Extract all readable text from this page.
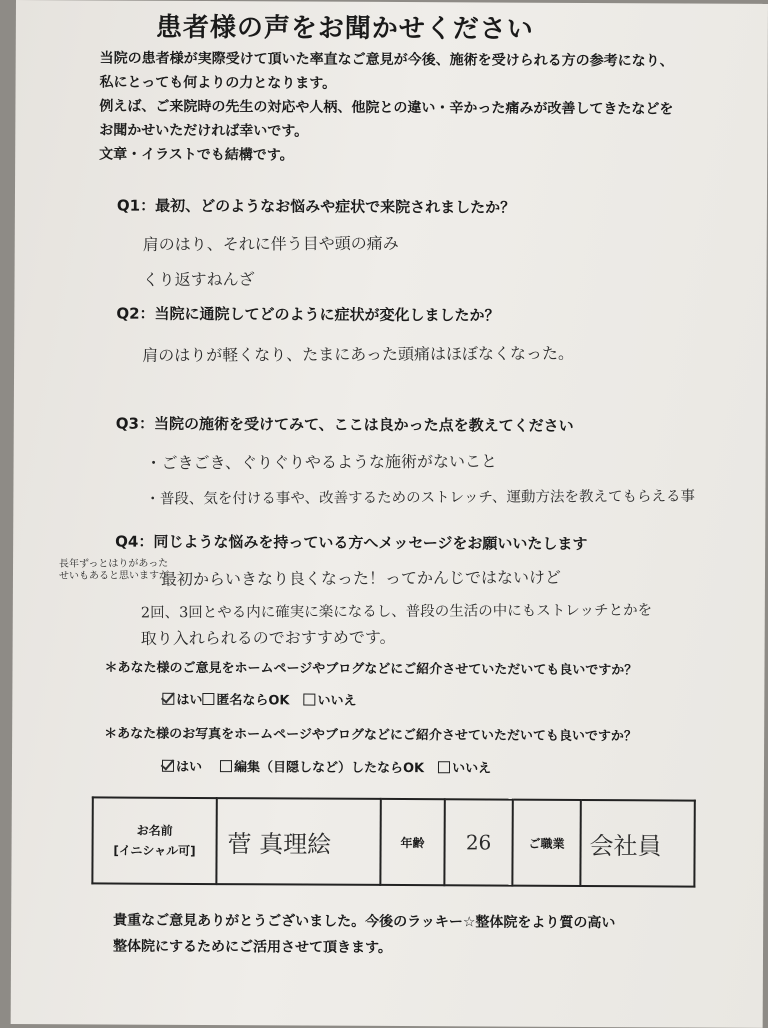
患者様の声をお聞かせください
当院の患者様が実際受けて頂いた率直なご意見が今後、施術を受けられる方の参考になり、
私にとっても何よりの力となります。
例えば、ご来院時の先生の対応や人柄、他院との違い・辛かった痛みが改善してきたなどを
お聞かせいただければ幸いです。
文章・イラストでも結構です。
Q1：最初、どのようなお悩みや症状で来院されましたか？
肩のはり、それに伴う目や頭の痛み
くり返すねんざ
Q2：当院に通院してどのように症状が変化しましたか？
肩のはりが軽くなり、たまにあった頭痛はほぼなくなった。
Q3：当院の施術を受けてみて、ここは良かった点を教えてください
・ごきごき、ぐりぐりやるような施術がないこと
・普段、気を付ける事や、改善するためのストレッチ、運動方法を教えてもらえる事
Q4：同じような悩みを持っている方へメッセージをお願いいたします
長年ずっとはりがあった
せいもあると思いますが
最初からいきなり良くなった！ってかんじではないけど
2回、3回とやる内に確実に楽になるし、普段の生活の中にもストレッチとかを
取り入れられるのでおすすめです。
＊あなた様のご意見をホームページやブログなどにご紹介させていただいても良いですか？
はい 匿名ならOK いいえ
＊あなた様のお写真をホームページやブログなどにご紹介させていただいても良いですか？
はい 編集（目隠しなど）したならOK いいえ
お名前
[イニシャル可]	菅 真理絵	年齢	26	ご職業	会社員
貴重なご意見ありがとうございました。今後のラッキー☆整体院をより質の高い
整体院にするためにご活用させて頂きます。
